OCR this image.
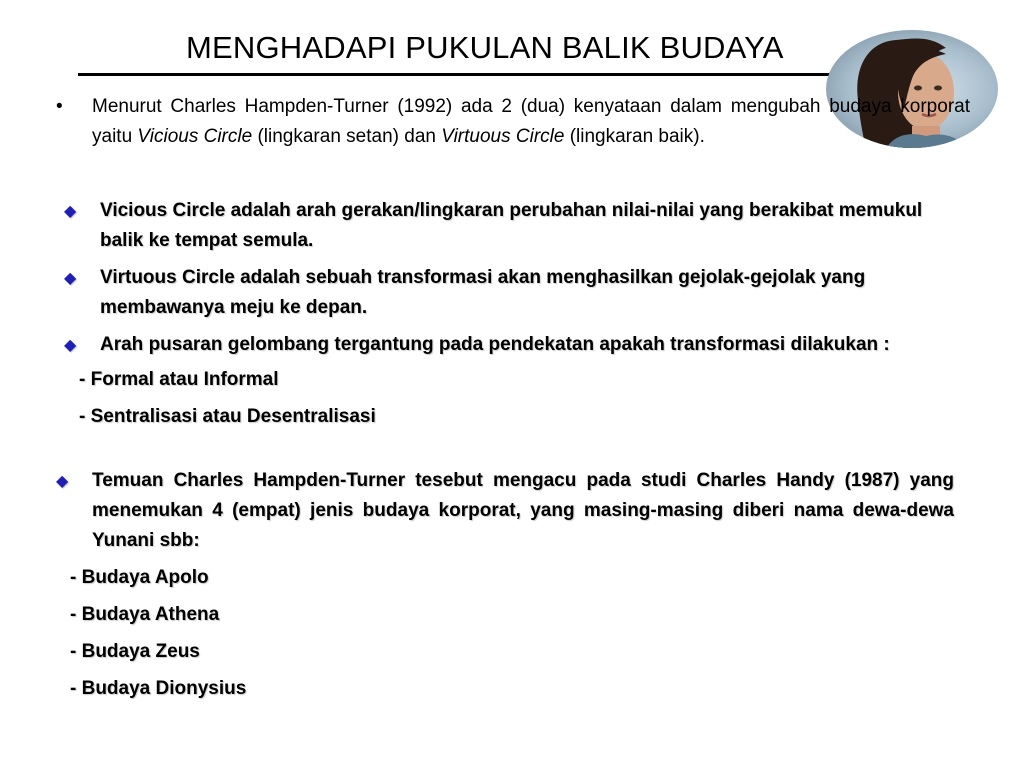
MENGHADAPI PUKULAN BALIK BUDAYA
• Menurut Charles Hampden-Turner (1992) ada 2 (dua) kenyataan dalam mengubah budaya korporat yaitu Vicious Circle (lingkaran setan) dan Virtuous Circle (lingkaran baik).

◆ Vicious Circle adalah arah gerakan/lingkaran perubahan nilai-nilai yang berakibat memukul balik ke tempat semula.

◆ Virtuous Circle adalah sebuah transformasi akan menghasilkan gejolak-gejolak yang membawanya meju ke depan.

◆ Arah pusaran gelombang tergantung pada pendekatan apakah transformasi dilakukan :

- Formal atau Informal
- Sentralisasi atau Desentralisasi
◆ Temuan Charles Hampden-Turner tesebut mengacu pada studi Charles Handy (1987) yang menemukan 4 (empat) jenis budaya korporat, yang masing-masing diberi nama dewa-dewa Yunani sbb:

- Budaya Apolo
- Budaya Athena
- Budaya Zeus
- Budaya Dionysius
